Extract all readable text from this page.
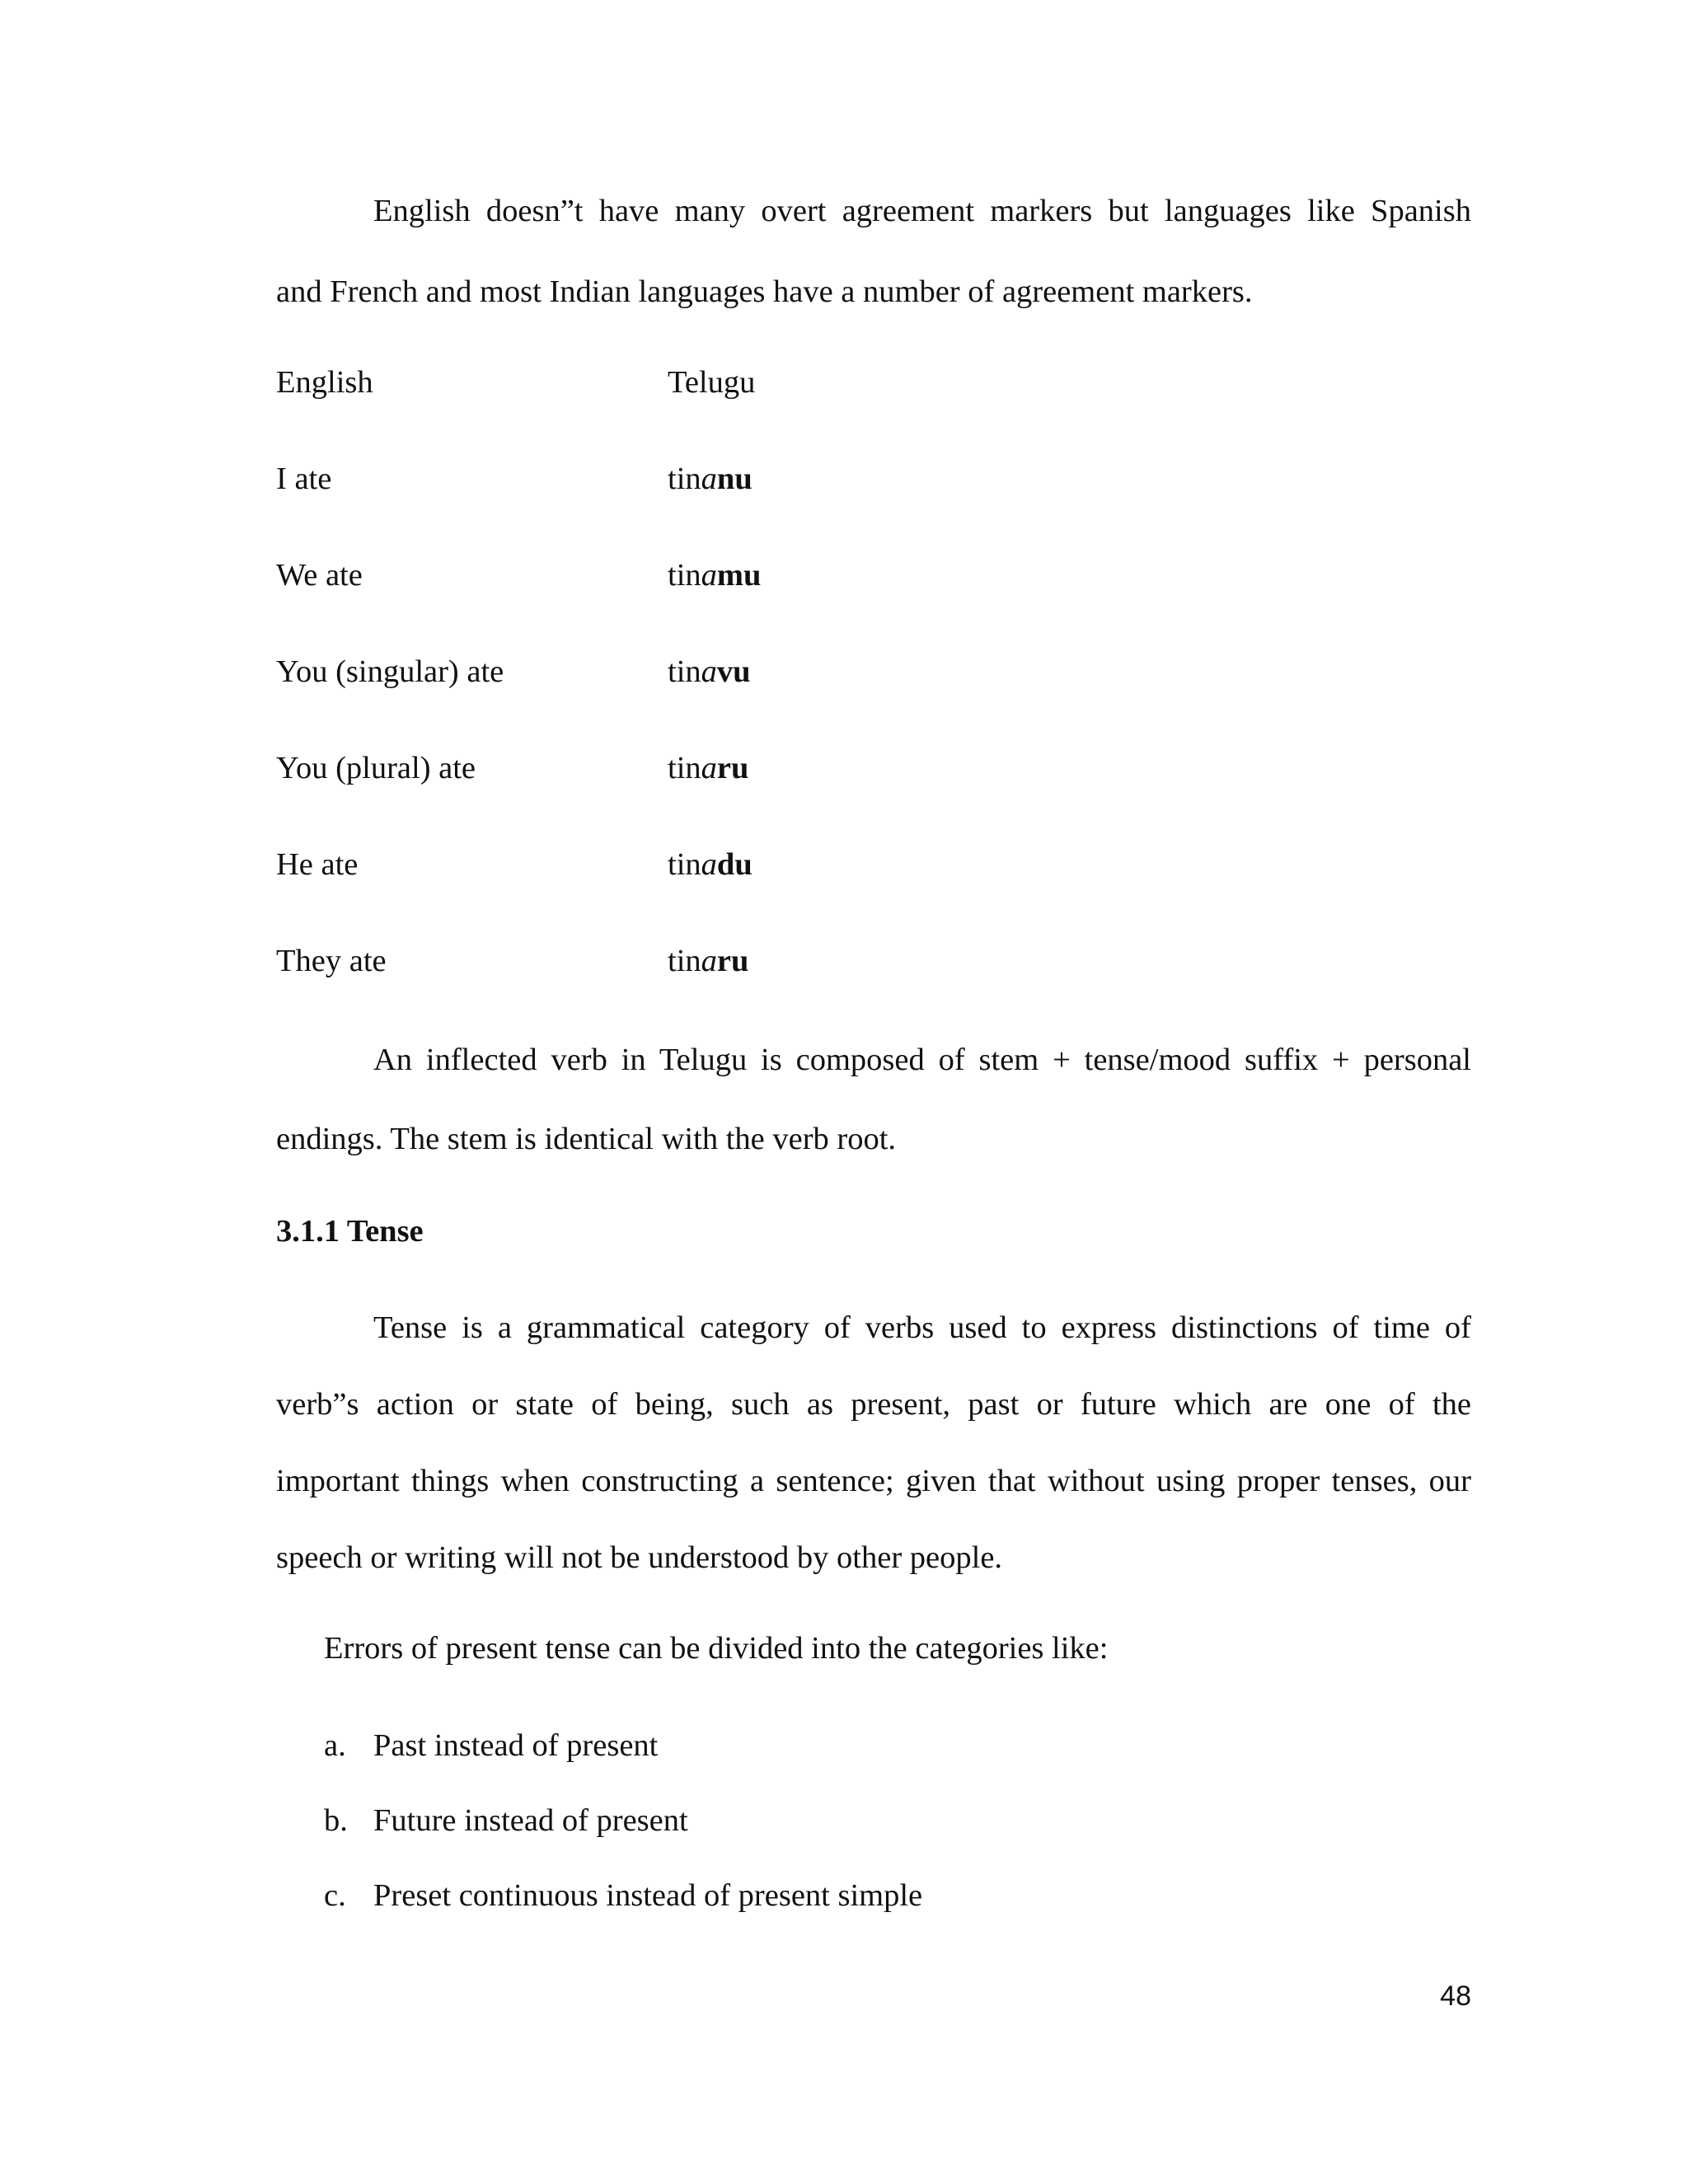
English doesn”t have many overt agreement markers but languages like Spanish
and French and most Indian languages have a number of agreement markers.
English	Telugu
I ate	tinanu
We ate	tinamu
You (singular) ate	tinavu
You (plural) ate	tinaru
He ate	tinadu
They ate	tinaru
An inflected verb in Telugu is composed of stem + tense/mood suffix + personal
endings. The stem is identical with the verb root.
3.1.1 Tense
Tense is a grammatical category of verbs used to express distinctions of time of
verb”s action or state of being, such as present, past or future which are one of the
important things when constructing a sentence; given that without using proper tenses, our
speech or writing will not be understood by other people.
Errors of present tense can be divided into the categories like:
a. Past instead of present
b. Future instead of present
c. Preset continuous instead of present simple
48
